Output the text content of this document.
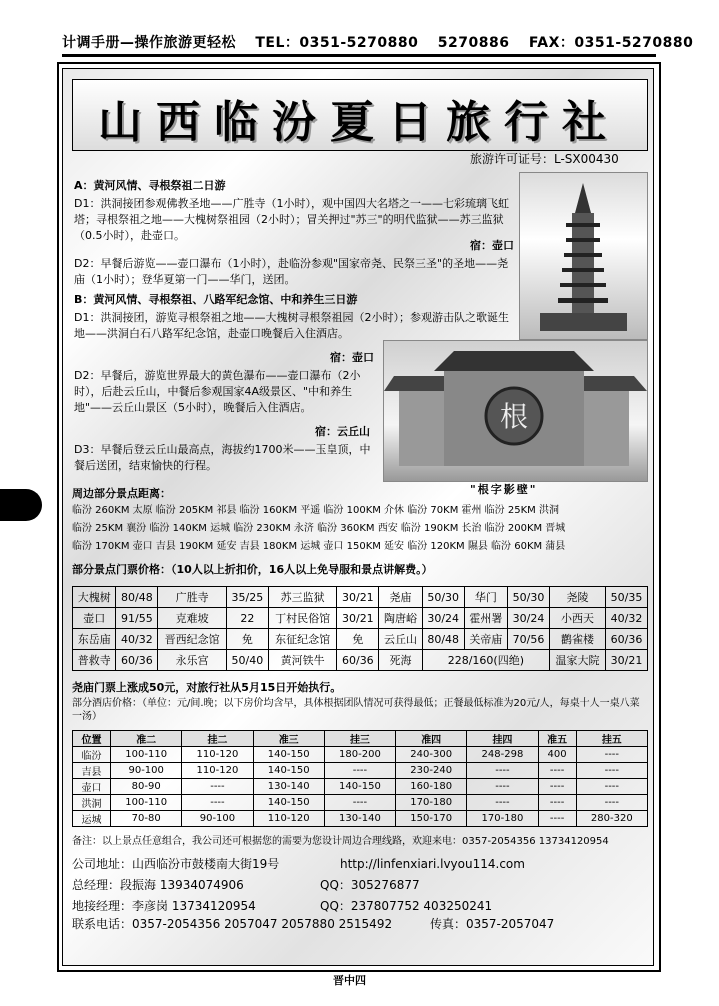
计调手册—操作旅游更轻松 TEL：0351-5270880 5270886 FAX：0351-5270880
山西临汾夏日旅行社
旅游许可证号：L-SX00430
根
"根字影壁"
A：黄河风情、寻根祭祖二日游
D1：洪洞接团参观佛教圣地——广胜寺（1小时），观中国四大名塔之一——七彩琉璃飞虹塔；寻根祭祖之地——大槐树祭祖园（2小时）；冒关押过"苏三"的明代监狱——苏三监狱（0.5小时），赴壶口。
宿：壶口
D2：早餐后游览——壶口瀑布（1小时），赴临汾参观"国家帝尧、民祭三圣"的圣地——尧庙（1小时）；登华夏第一门——华门，送团。
B：黄河风情、寻根祭祖、八路军纪念馆、中和养生三日游
D1：洪洞接团，游览寻根祭祖之地——大槐树寻根祭祖园（2小时）；参观游击队之歌诞生地——洪洞白石八路军纪念馆，赴壶口晚餐后入住酒店。
宿：壶口
D2：早餐后，游览世界最大的黄色瀑布——壶口瀑布（2小时），后赴云丘山，中餐后参观国家4A级景区、"中和养生地"——云丘山景区（5小时），晚餐后入住酒店。
宿：云丘山
D3：早餐后登云丘山最高点，海拔约1700米——玉皇顶，中餐后送团，结束愉快的行程。
周边部分景点距离：
临汾 260KM 太原 临汾 205KM 祁县 临汾 160KM 平遥 临汾 100KM 介休 临汾 70KM 霍州 临汾 25KM 洪洞
临汾 25KM 襄汾 临汾 140KM 运城 临汾 230KM 永济 临汾 360KM 西安 临汾 190KM 长治 临汾 200KM 晋城
临汾 170KM 壶口 吉县 190KM 延安 吉县 180KM 运城 壶口 150KM 延安 临汾 120KM 隰县 临汾 60KM 蒲县
部分景点门票价格：（10人以上折扣价，16人以上免导服和景点讲解费。）
大槐树	80/48	广胜寺	35/25	苏三监狱	30/21	尧庙	50/30	华门	50/30	尧陵	50/35
壶口	91/55	克难坡	22	丁村民俗馆	30/21	陶唐峪	30/24	霍州署	30/24	小西天	40/32
东岳庙	40/32	晋西纪念馆	免	东征纪念馆	免	云丘山	80/48	关帝庙	70/56	鹳雀楼	60/36
普救寺	60/36	永乐宫	50/40	黄河铁牛	60/36	死海	228/160(四绝)			温家大院	30/21
尧庙门票上涨成50元，对旅行社从5月15日开始执行。
部分酒店价格：（单位：元/间.晚；以下房价均含早，具体根据团队情况可获得最低；正餐最低标准为20元/人，每桌十人一桌八菜一汤）
位置	准二	挂二	准三	挂三	准四	挂四	准五	挂五
临汾	100-110	110-120	140-150	180-200	240-300	248-298	400	----
吉县	90-100	110-120	140-150	----	230-240	----	----	----
壶口	80-90	----	130-140	140-150	160-180	----	----	----
洪洞	100-110	----	140-150	----	170-180	----	----	----
运城	70-80	90-100	110-120	130-140	150-170	170-180	----	280-320
备注：以上景点任意组合，我公司还可根据您的需要为您设计周边合理线路，欢迎来电：0357-2054356 13734120954
公司地址：山西临汾市鼓楼南大街19号	http://linfenxiari.lvyou114.com
总经理：段振海 13934074906	QQ：305276877
地接经理：李彦岗 13734120954	QQ：237807752 403250241
联系电话：0357-2054356 2057047 2057880 2515492	传真：0357-2057047
晋中四
